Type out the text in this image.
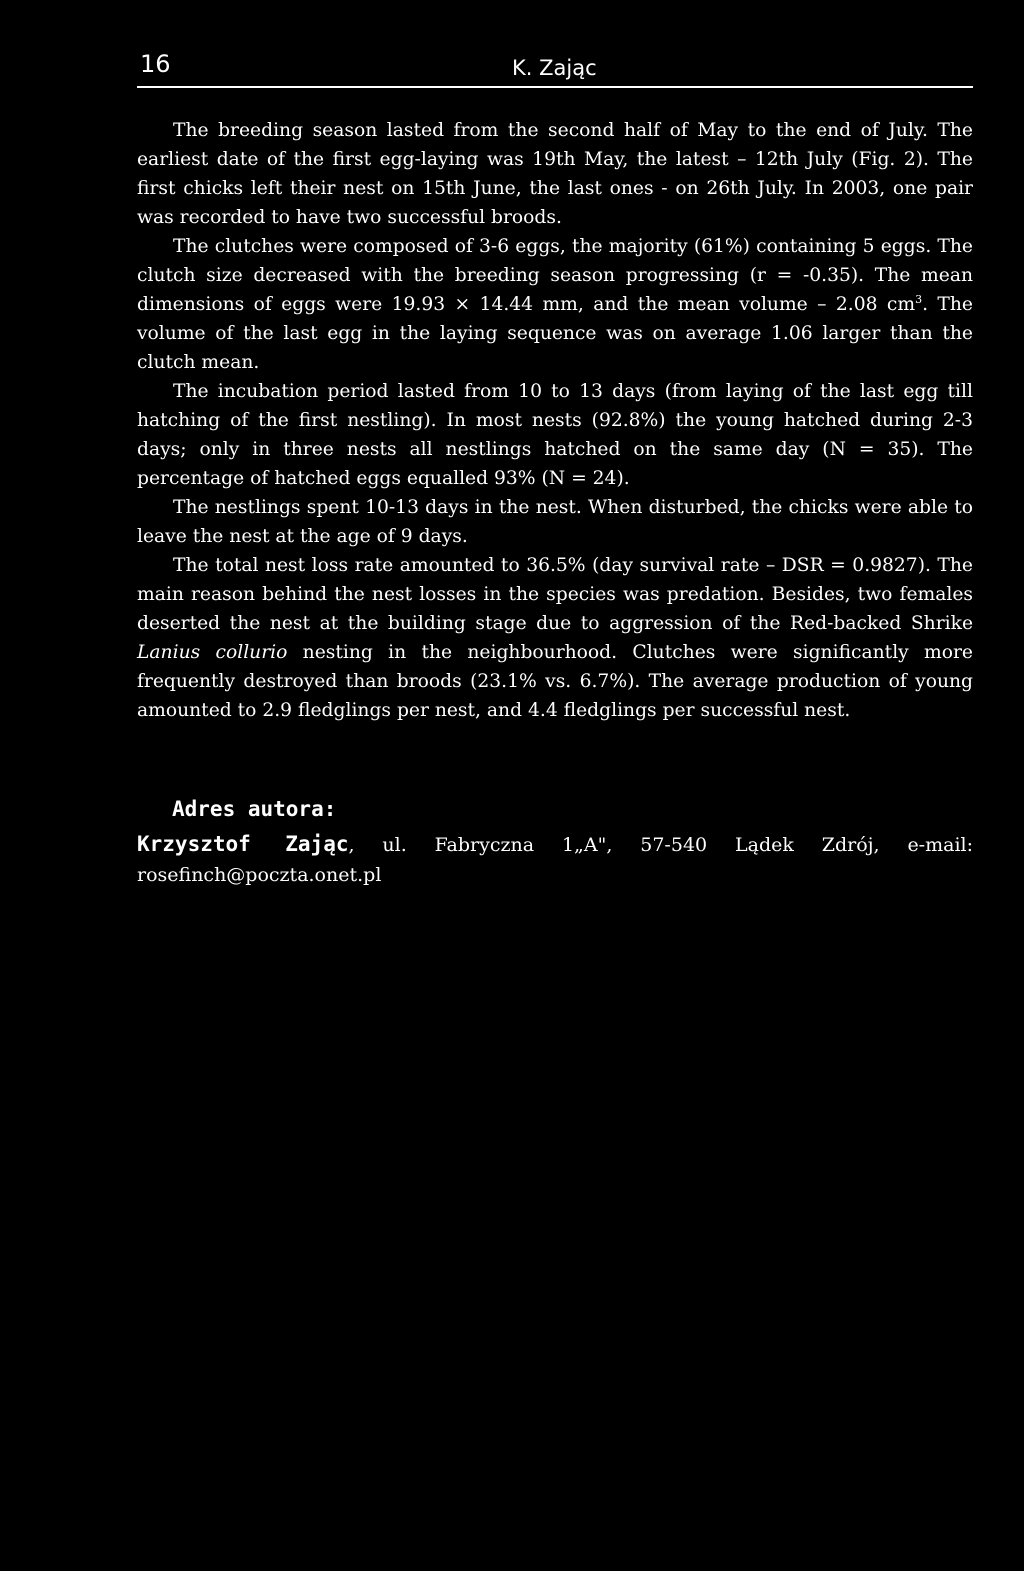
16	K. Zając

The breeding season lasted from the second half of May to the end of July. The earliest date of the first egg-laying was 19th May, the latest – 12th July (Fig. 2). The first chicks left their nest on 15th June, the last ones - on 26th July. In 2003, one pair was recorded to have two successful broods.

The clutches were composed of 3-6 eggs, the majority (61%) containing 5 eggs. The clutch size decreased with the breeding season progressing (r = -0.35). The mean dimensions of eggs were 19.93 × 14.44 mm, and the mean volume – 2.08 $cm^3$. The volume of the last egg in the laying sequence was on average 1.06 larger than the clutch mean.

The incubation period lasted from 10 to 13 days (from laying of the last egg till hatching of the first nestling). In most nests (92.8%) the young hatched during 2-3 days; only in three nests all nestlings hatched on the same day (N = 35). The percentage of hatched eggs equalled 93% (N = 24).

The nestlings spent 10-13 days in the nest. When disturbed, the chicks were able to leave the nest at the age of 9 days.

The total nest loss rate amounted to 36.5% (day survival rate – DSR = 0.9827). The main reason behind the nest losses in the species was predation. Besides, two females deserted the nest at the building stage due to aggression of the Red-backed Shrike Lanius collurio nesting in the neighbourhood. Clutches were significantly more frequently destroyed than broods (23.1% vs. 6.7%). The average production of young amounted to 2.9 fledglings per nest, and 4.4 fledglings per successful nest.

Adres autora:
Krzysztof Zając, ul. Fabryczna 1„A", 57-540 Lądek Zdrój, e-mail: rosefinch@poczta.onet.pl
